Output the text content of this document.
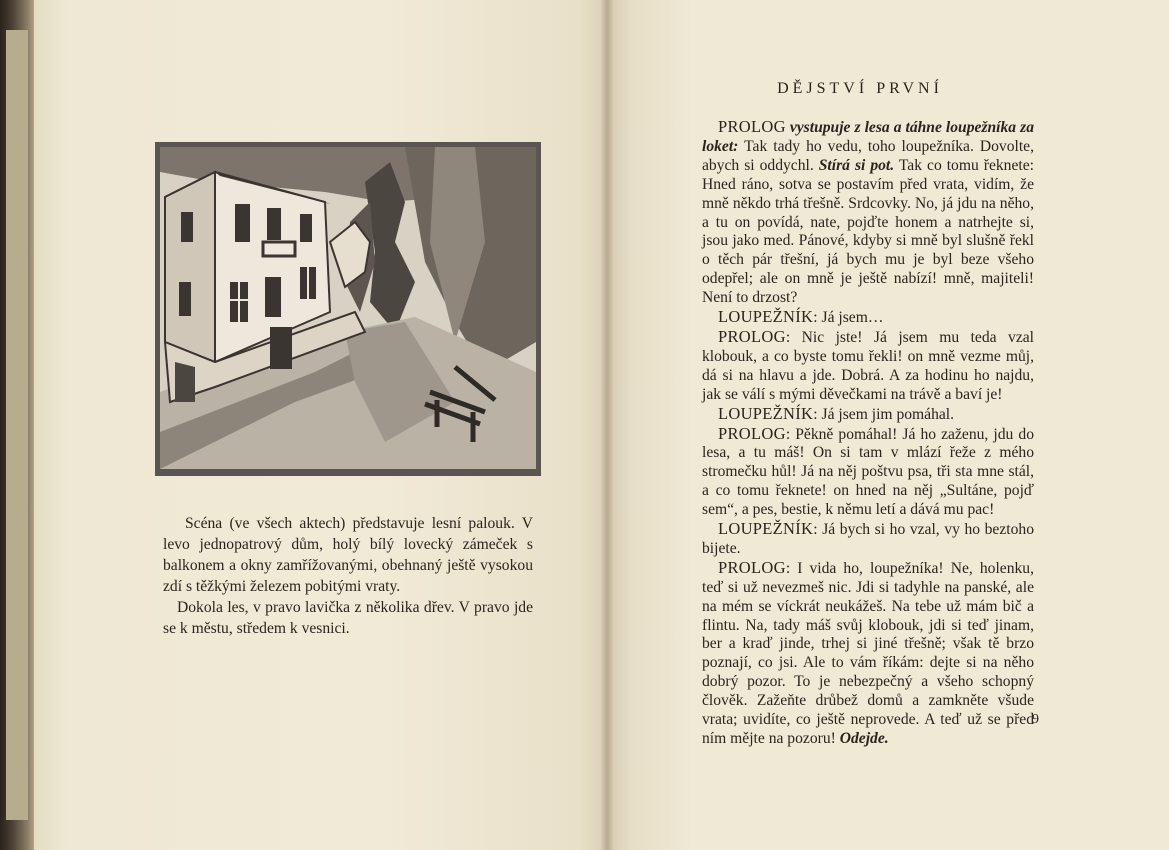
Scéna (ve všech aktech) představuje lesní palouk. V levo jednopatrový dům, holý bílý lovecký zámeček s balkonem a okny zamřížovanými, obehnaný ještě vysokou zdí s těžkými železem pobitými vraty.

Dokola les, v pravo lavička z několika dřev. V pravo jde se k městu, středem k vesnici.

DĚJSTVÍ PRVNÍ

PROLOG vystupuje z lesa a táhne loupežníka za loket: Tak tady ho vedu, toho loupežníka. Dovolte, abych si oddychl. Stírá si pot. Tak co tomu řeknete: Hned ráno, sotva se postavím před vrata, vidím, že mně někdo trhá třešně. Srdcovky. No, já jdu na něho, a tu on povídá, nate, pojďte honem a natrhejte si, jsou jako med. Pánové, kdyby si mně byl slušně řekl o těch pár třešní, já bych mu je byl beze všeho odepřel; ale on mně je ještě nabízí! mně, majiteli! Není to drzost?

LOUPEŽNÍK: Já jsem…

PROLOG: Nic jste! Já jsem mu teda vzal klobouk, a co byste tomu řekli! on mně vezme můj, dá si na hlavu a jde. Dobrá. A za hodinu ho najdu, jak se válí s mými děvečkami na trávě a baví je!

LOUPEŽNÍK: Já jsem jim pomáhal.

PROLOG: Pěkně pomáhal! Já ho zaženu, jdu do lesa, a tu máš! On si tam v mlází řeže z mého stromečku hůl! Já na něj poštvu psa, tři sta mne stál, a co tomu řeknete! on hned na něj „Sultáne, pojď sem“, a pes, bestie, k němu letí a dává mu pac!

LOUPEŽNÍK: Já bych si ho vzal, vy ho beztoho bijete.

PROLOG: I vida ho, loupežníka! Ne, holenku, teď si už nevezmeš nic. Jdi si tadyhle na panské, ale na mém se víckrát neukážeš. Na tebe už mám bič a flintu. Na, tady máš svůj klobouk, jdi si teď jinam, ber a kraď jinde, trhej si jiné třešně; však tě brzo poznají, co jsi. Ale to vám říkám: dejte si na něho dobrý pozor. To je nebezpečný a všeho schopný člověk. Zažeňte drůbež domů a zamkněte všude vrata; uvidíte, co ještě neprovede. A teď už se před ním mějte na pozoru! Odejde.

9
